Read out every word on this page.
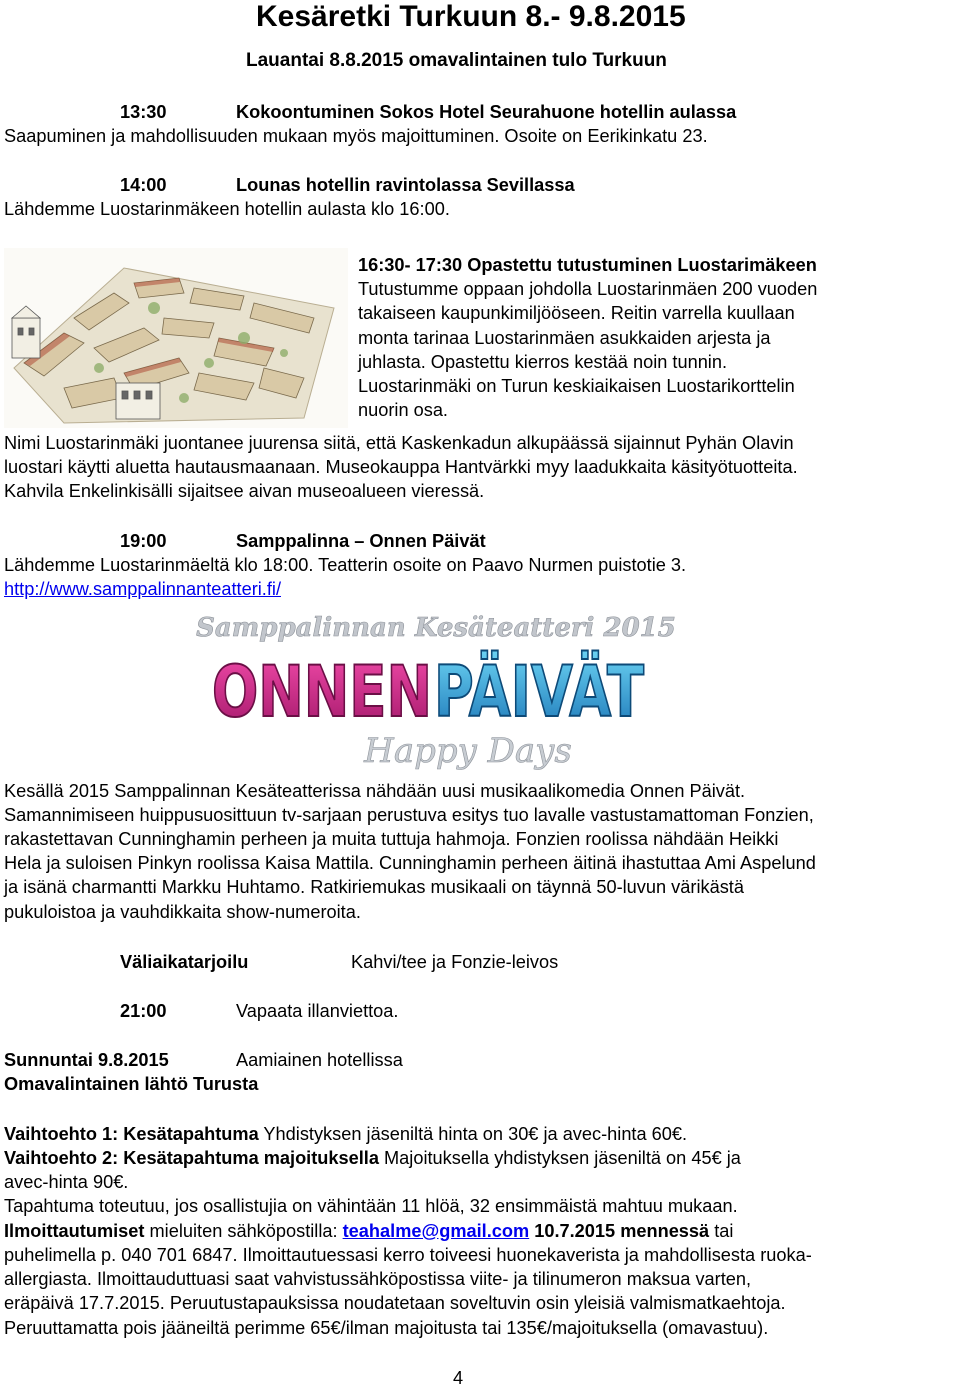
Kesäretki Turkuun 8.- 9.8.2015
Lauantai 8.8.2015 omavalintainen tulo Turkuun
13:30	Kokoontuminen Sokos Hotel Seurahuone hotellin aulassa
Saapuminen ja mahdollisuuden mukaan myös majoittuminen. Osoite on Eerikinkatu 23.
14:00	Lounas hotellin ravintolassa Sevillassa
Lähdemme Luostarinmäkeen hotellin aulasta klo 16:00.
16:30- 17:30 Opastettu tutustuminen Luostarimäkeen
Tutustumme oppaan johdolla Luostarinmäen 200 vuoden
takaiseen kaupunkimiljööseen. Reitin varrella kuullaan
monta tarinaa Luostarinmäen asukkaiden arjesta ja
juhlasta. Opastettu kierros kestää noin tunnin.
Luostarinmäki on Turun keskiaikaisen Luostarikorttelin
nuorin osa.
Nimi Luostarinmäki juontanee juurensa siitä, että Kaskenkadun alkupäässä sijainnut Pyhän Olavin
luostari käytti aluetta hautausmaanaan. Museokauppa Hantvärkki myy laadukkaita käsityötuotteita.
Kahvila Enkelinkisälli sijaitsee aivan museoalueen vieressä.
19:00	Samppalinna – Onnen Päivät
Lähdemme Luostarinmäeltä klo 18:00. Teatterin osoite on Paavo Nurmen puistotie 3.
http://www.samppalinnanteatteri.fi/
Samppalinnan Kesäteatteri 2015
ONNEN PÄIVÄT
Happy Days
Kesällä 2015 Samppalinnan Kesäteatterissa nähdään uusi musikaalikomedia Onnen Päivät.
Samannimiseen huippusuosittuun tv-sarjaan perustuva esitys tuo lavalle vastustamattoman Fonzien,
rakastettavan Cunninghamin perheen ja muita tuttuja hahmoja. Fonzien roolissa nähdään Heikki
Hela ja suloisen Pinkyn roolissa Kaisa Mattila. Cunninghamin perheen äitinä ihastuttaa Ami Aspelund
ja isänä charmantti Markku Huhtamo. Ratkiriemukas musikaali on täynnä 50-luvun värikästä
pukuloistoa ja vauhdikkaita show-numeroita.
Väliaikatarjoilu	Kahvi/tee ja Fonzie-leivos
21:00	Vapaata illanviettoa.
Sunnuntai 9.8.2015	Aamiainen hotellissa
Omavalintainen lähtö Turusta
Vaihtoehto 1: Kesätapahtuma Yhdistyksen jäseniltä hinta on 30€ ja avec-hinta 60€.
Vaihtoehto 2: Kesätapahtuma majoituksella Majoituksella yhdistyksen jäseniltä on 45€ ja
avec-hinta 90€.
Tapahtuma toteutuu, jos osallistujia on vähintään 11 hlöä, 32 ensimmäistä mahtuu mukaan.
Ilmoittautumiset mieluiten sähköpostilla: teahalme@gmail.com 10.7.2015 mennessä tai
puhelimella p. 040 701 6847. Ilmoittautuessasi kerro toiveesi huonekaverista ja mahdollisesta ruoka-
allergiasta. Ilmoittauduttuasi saat vahvistussähköpostissa viite- ja tilinumeron maksua varten,
eräpäivä 17.7.2015. Peruutustapauksissa noudatetaan soveltuvin osin yleisiä valmismatkaehtoja.
Peruuttamatta pois jääneiltä perimme 65€/ilman majoitusta tai 135€/majoituksella (omavastuu).
4
